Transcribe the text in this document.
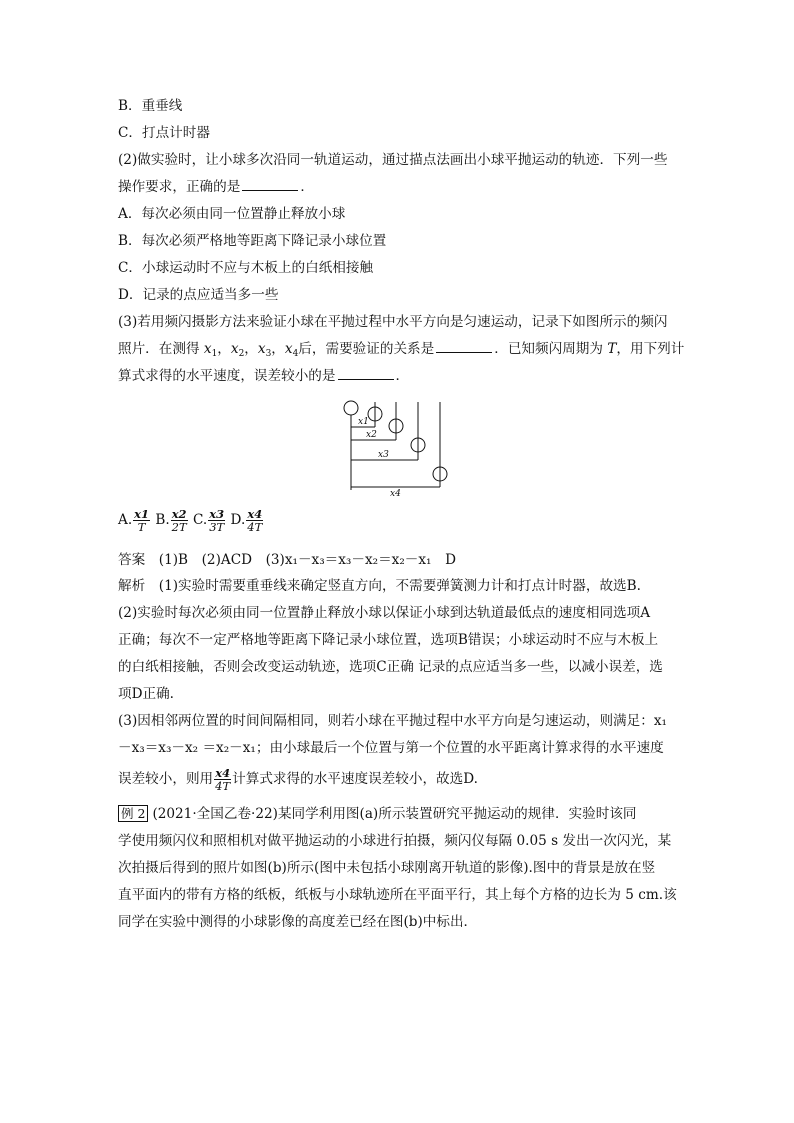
B．重垂线
C．打点计时器
(2)做实验时，让小球多次沿同一轨道运动，通过描点法画出小球平抛运动的轨迹．下列一些
操作要求，正确的是	．
A．每次必须由同一位置静止释放小球
B．每次必须严格地等距离下降记录小球位置
C．小球运动时不应与木板上的白纸相接触
D．记录的点应适当多一些
(3)若用频闪摄影方法来验证小球在平抛过程中水平方向是匀速运动，记录下如图所示的频闪
照片．在测得 $x_1$，$x_2$，$x_3$，$x_4$后，需要验证的关系是	．已知频闪周期为 T，用下列计
算式求得的水平速度，误差较小的是	．
x1
x2
x3
x4
A. $\frac{x1}{T} B$. $\frac{x2}{2T} C$. $\frac{x3}{3T} D$. $\frac{x4}{4T}$
答案　 (1)B　(2)ACD　(3)x₁－x₃＝x₃－x₂＝x₂－x₁　D
解析　 (1)实验时需要重垂线来确定竖直方向，不需要弹簧测力计和打点计时器，故选B.
(2)实验时每次必须由同一位置静止释放小球以保证小球到达轨道最低点的速度相同选项A
正确；每次不一定严格地等距离下降记录小球位置，选项B错误；小球运动时不应与木板上
的白纸相接触，否则会改变运动轨迹，选项C正确 记录的点应适当多一些，以减小误差，选
项D正确.
(3)因相邻两位置的时间间隔相同，则若小球在平抛过程中水平方向是匀速运动，则满足：x₁
－x₃＝x₃－x₂ ＝x₂－x₁；由小球最后一个位置与第一个位置的水平距离计算求得的水平速度
误差较小，则用 $\frac{x4}{4T}$ 计算式求得的水平速度误差较小，故选D.
例 2 (2021·全国乙卷·22)某同学利用图(a)所示装置研究平抛运动的规律．实验时该同
学使用频闪仪和照相机对做平抛运动的小球进行拍摄，频闪仪每隔 0.05 s 发出一次闪光，某
次拍摄后得到的照片如图(b)所示(图中未包括小球刚离开轨道的影像).图中的背景是放在竖
直平面内的带有方格的纸板，纸板与小球轨迹所在平面平行，其上每个方格的边长为 5 cm.该
同学在实验中测得的小球影像的高度差已经在图(b)中标出．
